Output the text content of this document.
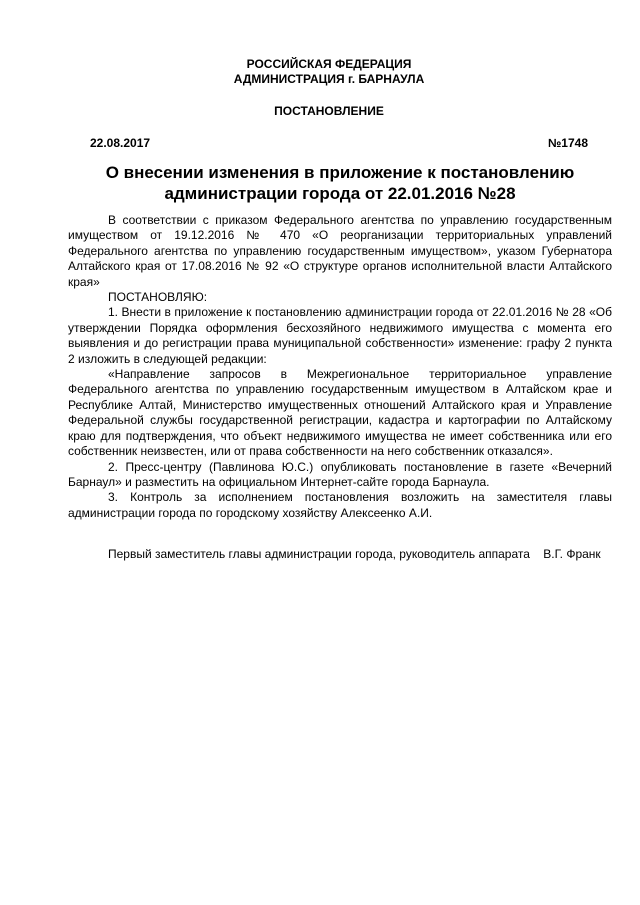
РОССИЙСКАЯ ФЕДЕРАЦИЯ
АДМИНИСТРАЦИЯ г. БАРНАУЛА
ПОСТАНОВЛЕНИЕ
22.08.2017	№1748
О внесении изменения в приложение к постановлению администрации города от 22.01.2016 №28

В соответствии с приказом Федерального агентства по управлению государственным имуществом от 19.12.2016 № 470 «О реорганизации территориальных управлений Федерального агентства по управлению государственным имуществом», указом Губернатора Алтайского края от 17.08.2016 № 92 «О структуре органов исполнительной власти Алтайского края»

ПОСТАНОВЛЯЮ:

1. Внести в приложение к постановлению администрации города от 22.01.2016 № 28 «Об утверждении Порядка оформления бесхозяйного недвижимого имущества с момента его выявления и до регистрации права муниципальной собственности» изменение: графу 2 пункта 2 изложить в следующей редакции:

«Направление запросов в Межрегиональное территориальное управление Федерального агентства по управлению государственным имуществом в Алтайском крае и Республике Алтай, Министерство имущественных отношений Алтайского края и Управление Федеральной службы государственной регистрации, кадастра и картографии по Алтайскому краю для подтверждения, что объект недвижимого имущества не имеет собственника или его собственник неизвестен, или от права собственности на него собственник отказался».

2. Пресс-центру (Павлинова Ю.С.) опубликовать постановление в газете «Вечерний Барнаул» и разместить на официальном Интернет-сайте города Барнаула.

3. Контроль за исполнением постановления возложить на заместителя главы администрации города по городскому хозяйству Алексеенко А.И.

Первый заместитель главы администрации города, руководитель аппарата В.Г. Франк
